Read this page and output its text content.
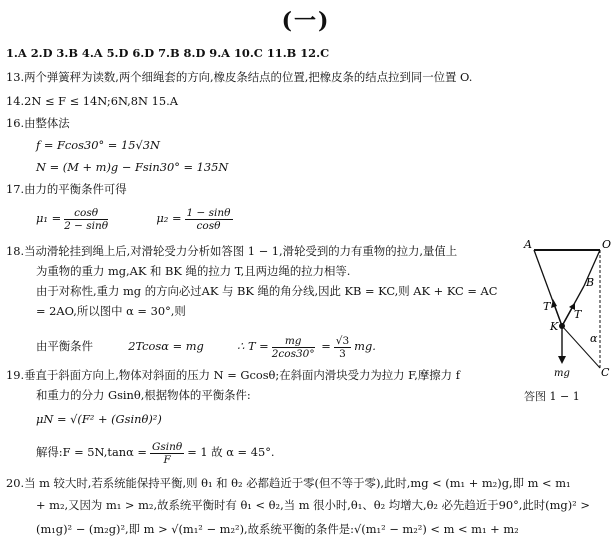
(一)
1.A 2.D 3.B 4.A 5.D 6.D 7.B 8.D 9.A 10.C 11.B 12.C
13.两个弹簧秤为读数,两个细绳套的方向,橡皮条结点的位置,把橡皮条的结点拉到同一位置 O.
14.2N ≤ F ≤ 14N;6N,8N 15.A
16.由整体法
f = Fcos30° = 15√3N
N = (M + m)g − Fsin30° = 135N
17.由力的平衡条件可得
$\mu_1 = \frac{\cos\theta}{2 - \sin\theta}$	$\mu_2 = \frac{1 - \sin\theta}{\cos\theta}$
18.当动滑轮挂到绳上后,对滑轮受力分析如答图 1 − 1,滑轮受到的力有重物的拉力,量值上
为重物的重力 mg,AK 和 BK 绳的拉力 T,且两边绳的拉力相等.
由于对称性,重力 mg 的方向必过AK 与 BK 绳的角分线,因此 KB = KC,则 AK + KC = AC
= 2AO,所以图中 α = 30°,则
由平衡条件	2Tcosα = mg	∴ $T = \frac{mg}{2\cos 30^\circ} = \frac{√3}{3}$ mg.
19.垂直于斜面方向上,物体对斜面的压力 N = Gcosθ;在斜面内滑块受力为拉力 F,摩擦力 f
和重力的分力 Gsinθ,根据物体的平衡条件:
μN = √(F² + (Gsinθ)²)
解得:F = $5N,\tan\alpha = \frac{Gsin\theta}{F} = 1$ 故 α = 45°.
20.当 m 较大时,若系统能保持平衡,则 θ₁ 和 θ₂ 必都趋近于零(但不等于零),此时,mg < (m₁ + m₂)g,即 m < m₁
+ m₂,又因为 m₁ > m₂,故系统平衡时有 θ₁ < θ₂,当 m 很小时,θ₁、θ₂ 均增大,θ₂ 必先趋近于90°,此时(mg)² >
(m₁g)² − (m₂g)²,即 m > √(m₁² − m₂²),故系统平衡的条件是:√(m₁² − m₂²) < m < m₁ + m₂
A	O
B
T
T
K
α
mg	C
答图 1 − 1
